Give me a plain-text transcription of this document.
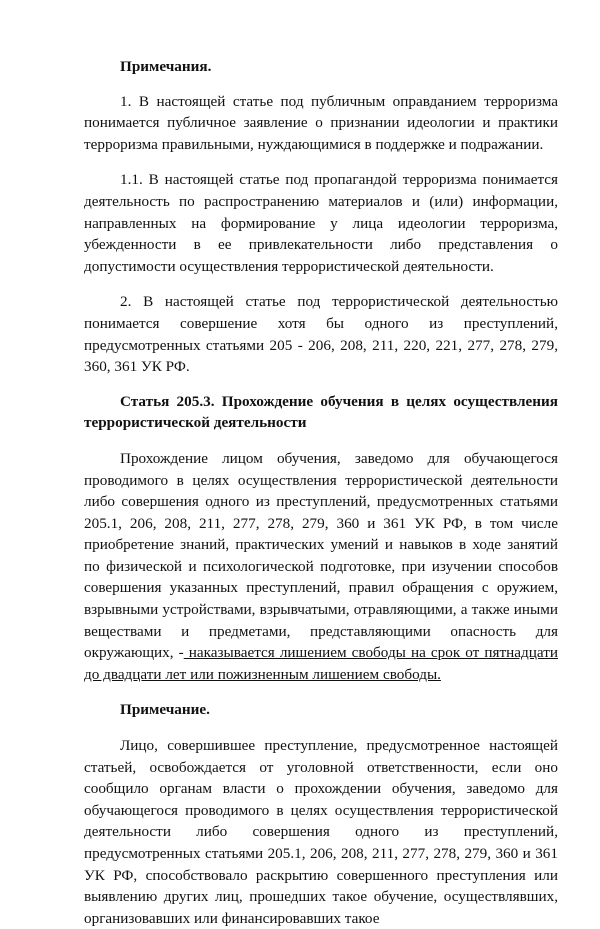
Примечания.

1. В настоящей статье под публичным оправданием терроризма понимается публичное заявление о признании идеологии и практики терроризма правильными, нуждающимися в поддержке и подражании.

1.1. В настоящей статье под пропагандой терроризма понимается деятельность по распространению материалов и (или) информации, направленных на формирование у лица идеологии терроризма, убежденности в ее привлекательности либо представления о допустимости осуществления террористической деятельности.

2. В настоящей статье под террористической деятельностью понимается совершение хотя бы одного из преступлений, предусмотренных статьями 205 - 206, 208, 211, 220, 221, 277, 278, 279, 360, 361 УК РФ.

Статья 205.3. Прохождение обучения в целях осуществления террористической деятельности

Прохождение лицом обучения, заведомо для обучающегося проводимого в целях осуществления террористической деятельности либо совершения одного из преступлений, предусмотренных статьями 205.1, 206, 208, 211, 277, 278, 279, 360 и 361 УК РФ, в том числе приобретение знаний, практических умений и навыков в ходе занятий по физической и психологической подготовке, при изучении способов совершения указанных преступлений, правил обращения с оружием, взрывными устройствами, взрывчатыми, отравляющими, а также иными веществами и предметами, представляющими опасность для окружающих, - наказывается лишением свободы на срок от пятнадцати до двадцати лет или пожизненным лишением свободы.

Примечание.

Лицо, совершившее преступление, предусмотренное настоящей статьей, освобождается от уголовной ответственности, если оно сообщило органам власти о прохождении обучения, заведомо для обучающегося проводимого в целях осуществления террористической деятельности либо совершения одного из преступлений, предусмотренных статьями 205.1, 206, 208, 211, 277, 278, 279, 360 и 361 УК РФ, способствовало раскрытию совершенного преступления или выявлению других лиц, прошедших такое обучение, осуществлявших, организовавших или финансировавших такое
